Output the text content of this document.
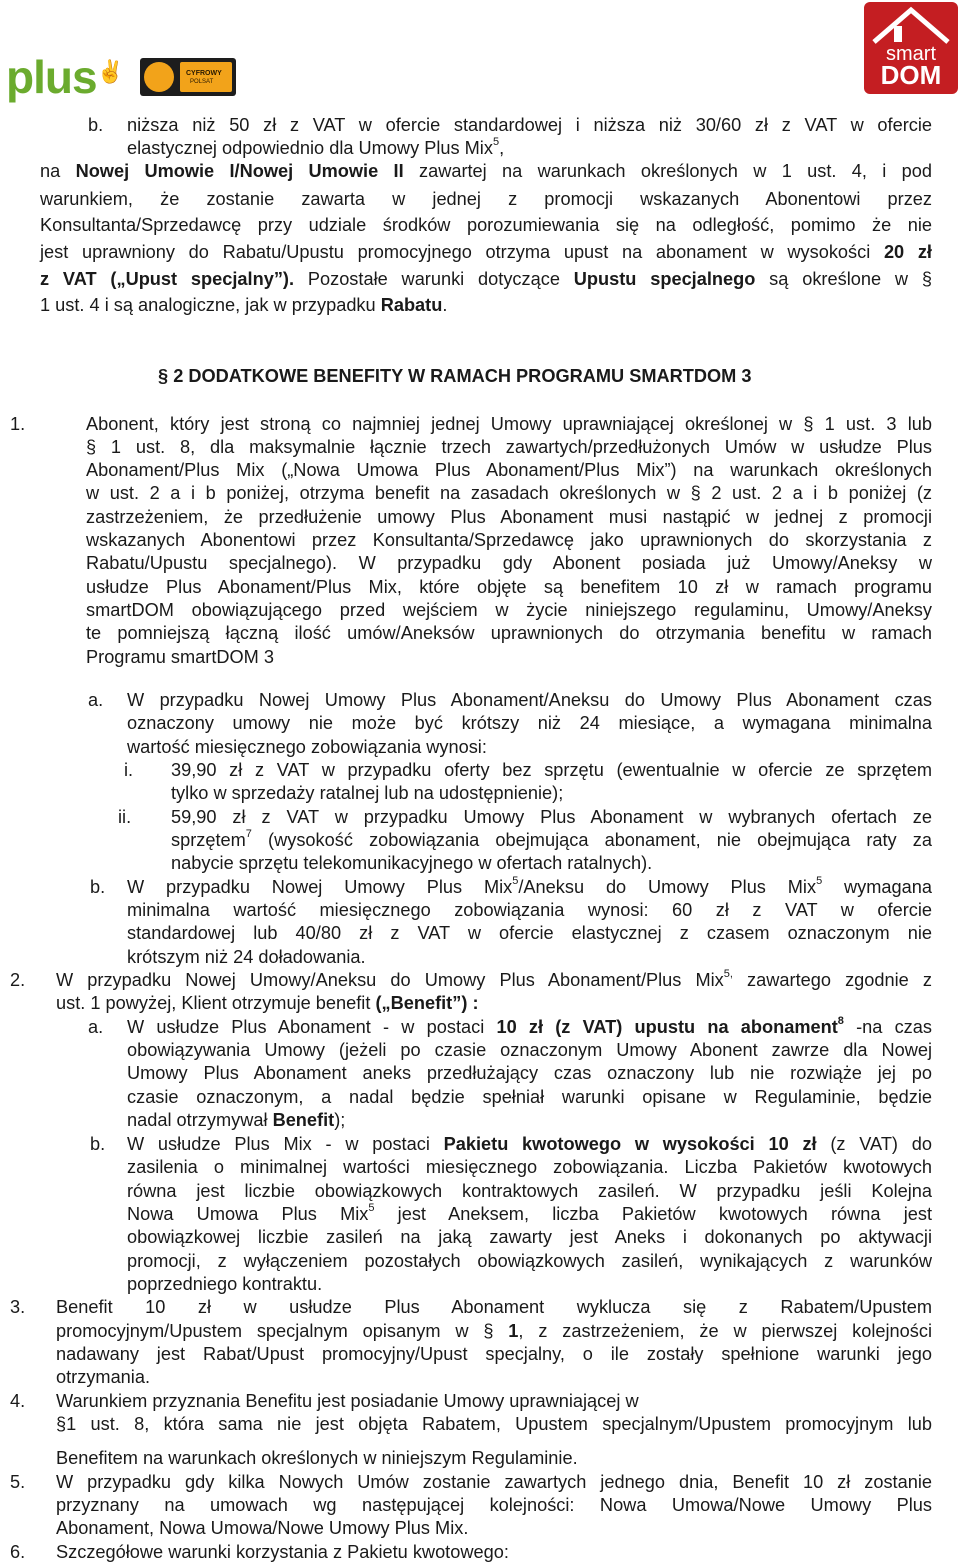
plus✌	CYFROWY
POLSAT
smart
DOM
b. niższa niż 50 zł z VAT w ofercie standardowej i niższa niż 30/60 zł z VAT w ofercie
elastycznej odpowiednio dla Umowy Plus Mix$^5$,
na Nowej Umowie I/Nowej Umowie II zawartej na warunkach określonych w 1 ust. 4, i pod
warunkiem, że zostanie zawarta w jednej z promocji wskazanych Abonentowi przez
Konsultanta/Sprzedawcę przy udziale środków porozumiewania się na odległość, pomimo że nie
jest uprawniony do Rabatu/Upustu promocyjnego otrzyma upust na abonament w wysokości 20 zł
z VAT („Upust specjalny”). Pozostałe warunki dotyczące Upustu specjalnego są określone w §
1 ust. 4 i są analogiczne, jak w przypadku Rabatu.
§ 2 DODATKOWE BENEFITY W RAMACH PROGRAMU SMARTDOM 3
1.	Abonent, który jest stroną co najmniej jednej Umowy uprawniającej określonej w § 1 ust. 3 lub
§ 1 ust. 8, dla maksymalnie łącznie trzech zawartych/przedłużonych Umów w usłudze Plus
Abonament/Plus Mix („Nowa Umowa Plus Abonament/Plus Mix”) na warunkach określonych
w ust. 2 a i b poniżej, otrzyma benefit na zasadach określonych w § 2 ust. 2 a i b poniżej (z
zastrzeżeniem, że przedłużenie umowy Plus Abonament musi nastąpić w jednej z promocji
wskazanych Abonentowi przez Konsultanta/Sprzedawcę jako uprawnionych do skorzystania z
Rabatu/Upustu specjalnego). W przypadku gdy Abonent posiada już Umowy/Aneksy w
usłudze Plus Abonament/Plus Mix, które objęte są benefitem 10 zł w ramach programu
smartDOM obowiązującego przed wejściem w życie niniejszego regulaminu, Umowy/Aneksy
te pomniejszą łączną ilość umów/Aneksów uprawnionych do otrzymania benefitu w ramach
Programu smartDOM 3
a. W przypadku Nowej Umowy Plus Abonament/Aneksu do Umowy Plus Abonament czas
oznaczony umowy nie może być krótszy niż 24 miesiące, a wymagana minimalna
wartość miesięcznego zobowiązania wynosi:
i. 39,90 zł z VAT w przypadku oferty bez sprzętu (ewentualnie w ofercie ze sprzętem
tylko w sprzedaży ratalnej lub na udostępnienie);
ii. 59,90 zł z VAT w przypadku Umowy Plus Abonament w wybranych ofertach ze
sprzętem$^7$ (wysokość zobowiązania obejmująca abonament, nie obejmująca raty za
nabycie sprzętu telekomunikacyjnego w ofertach ratalnych).
b. W przypadku Nowej Umowy Plus Mix$^5$/Aneksu do Umowy Plus Mix$^5$ wymagana
minimalna wartość miesięcznego zobowiązania wynosi: 60 zł z VAT w ofercie
standardowej lub 40/80 zł z VAT w ofercie elastycznej z czasem oznaczonym nie
krótszym niż 24 doładowania.
2. W przypadku Nowej Umowy/Aneksu do Umowy Plus Abonament/Plus Mix$^{5,}$ zawartego zgodnie z
ust. 1 powyżej, Klient otrzymuje benefit („Benefit”) :
a. W usłudze Plus Abonament - w postaci 10 zł (z VAT) upustu na abonament$^8$ -na czas
obowiązywania Umowy (jeżeli po czasie oznaczonym Umowy Abonent zawrze dla Nowej
Umowy Plus Abonament aneks przedłużający czas oznaczony lub nie rozwiąże jej po
czasie oznaczonym, a nadal będzie spełniał warunki opisane w Regulaminie, będzie
nadal otrzymywał Benefit);
b. W usłudze Plus Mix - w postaci Pakietu kwotowego w wysokości 10 zł (z VAT) do
zasilenia o minimalnej wartości miesięcznego zobowiązania. Liczba Pakietów kwotowych
równa jest liczbie obowiązkowych kontraktowych zasileń. W przypadku jeśli Kolejna
Nowa Umowa Plus Mix$^5$ jest Aneksem, liczba Pakietów kwotowych równa jest
obowiązkowej liczbie zasileń na jaką zawarty jest Aneks i dokonanych po aktywacji
promocji, z wyłączeniem pozostałych obowiązkowych zasileń, wynikających z warunków
poprzedniego kontraktu.
3. Benefit 10 zł w usłudze Plus Abonament wyklucza się z Rabatem/Upustem
promocyjnym/Upustem specjalnym opisanym w § 1, z zastrzeżeniem, że w pierwszej kolejności
nadawany jest Rabat/Upust promocyjny/Upust specjalny, o ile zostały spełnione warunki jego
otrzymania.
4. Warunkiem przyznania Benefitu jest posiadanie Umowy uprawniającej w
§1 ust. 8, która sama nie jest objęta Rabatem, Upustem specjalnym/Upustem promocyjnym lub
Benefitem na warunkach określonych w niniejszym Regulaminie.
5. W przypadku gdy kilka Nowych Umów zostanie zawartych jednego dnia, Benefit 10 zł zostanie
przyznany na umowach wg następującej kolejności: Nowa Umowa/Nowe Umowy Plus
Abonament, Nowa Umowa/Nowe Umowy Plus Mix.
6. Szczegółowe warunki korzystania z Pakietu kwotowego:
